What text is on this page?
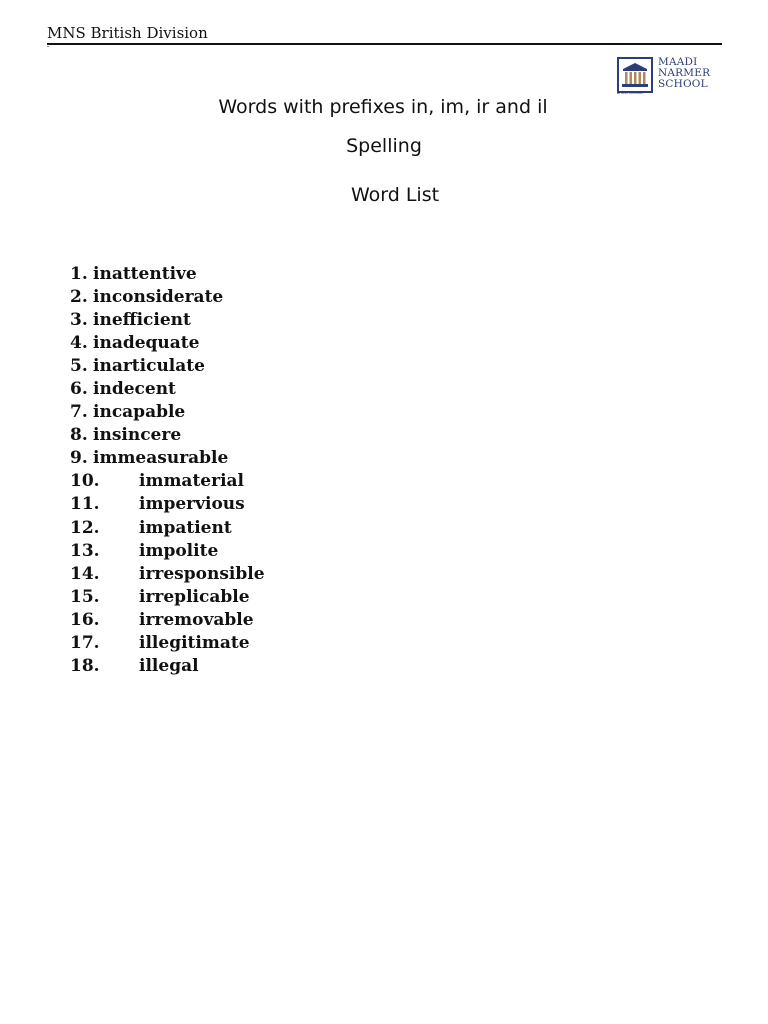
MNS British Division
MAADI
NARMER
SCHOOL
British Division
Words with prefixes in, im, ir and il
Spelling
Word List
1. inattentive
2. inconsiderate
3. inefficient
4. inadequate
5. inarticulate
6. indecent
7. incapable
8. insincere
9. immeasurable
10. immaterial
11. impervious
12. impatient
13. impolite
14. irresponsible
15. irreplicable
16. irremovable
17. illegitimate
18. illegal
